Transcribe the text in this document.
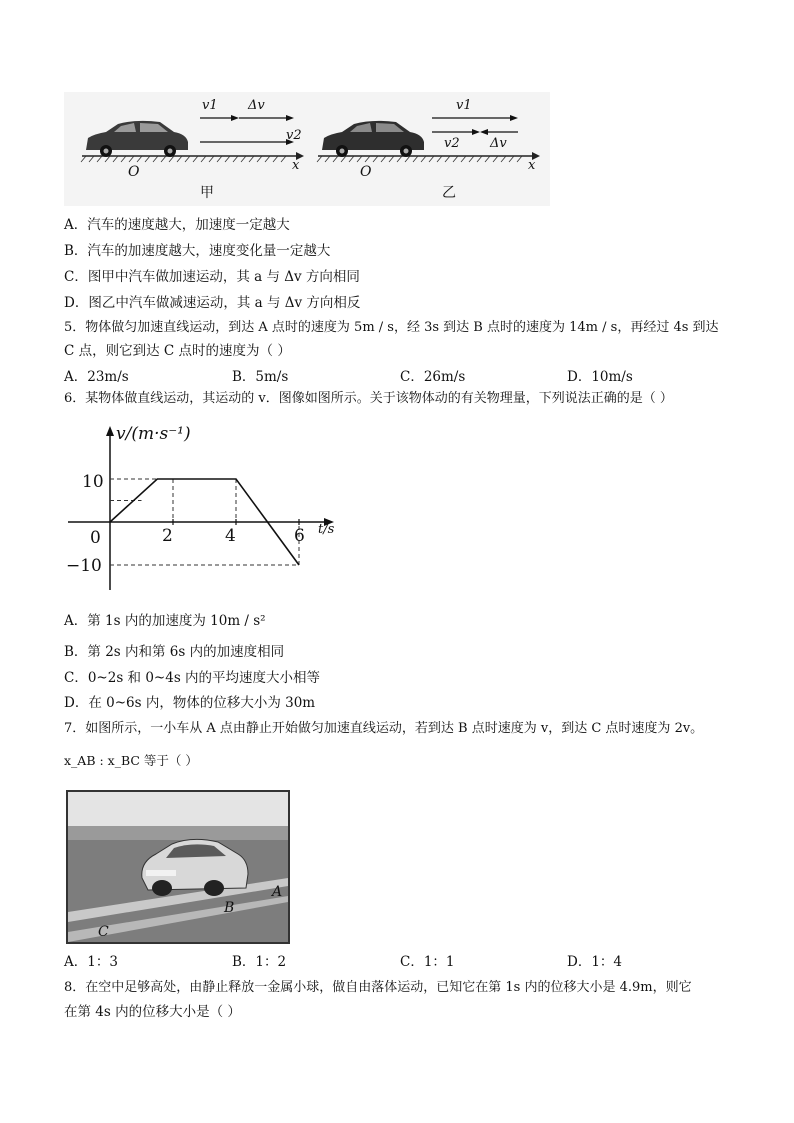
v1 Δv
v2
x
O
甲
v1
v2 Δv
x
O
乙
A．汽车的速度越大，加速度一定越大
B．汽车的加速度越大，速度变化量一定越大
C．图甲中汽车做加速运动，其 a 与 Δv 方向相同
D．图乙中汽车做减速运动，其 a 与 Δv 方向相反
5．物体做匀加速直线运动，到达 A 点时的速度为 5m / s，经 3s 到达 B 点时的速度为 14m / s，再经过 4s 到达
C 点，则它到达 C 点时的速度为（ ）
A．23m/s	B．5m/s	C．26m/s	D．10m/s
6．某物体做直线运动，其运动的 v．图像如图所示。关于该物体动的有关物理量，下列说法正确的是（ ）
v/(m·s⁻¹)
t/s
10
−10
0	2	4	6
A．第 1s 内的加速度为 10m / s²
B．第 2s 内和第 6s 内的加速度相同
C．0~2s 和 0~4s 内的平均速度大小相等
D．在 0~6s 内，物体的位移大小为 30m
7．如图所示，一小车从 A 点由静止开始做匀加速直线运动，若到达 B 点时速度为 v，到达 C 点时速度为 2v。
x_AB : x_BC 等于（ ）
A
B
C
A．1：3	B．1：2	C．1：1	D．1：4
8．在空中足够高处，由静止释放一金属小球，做自由落体运动，已知它在第 1s 内的位移大小是 4.9m，则它
在第 4s 内的位移大小是（ ）
